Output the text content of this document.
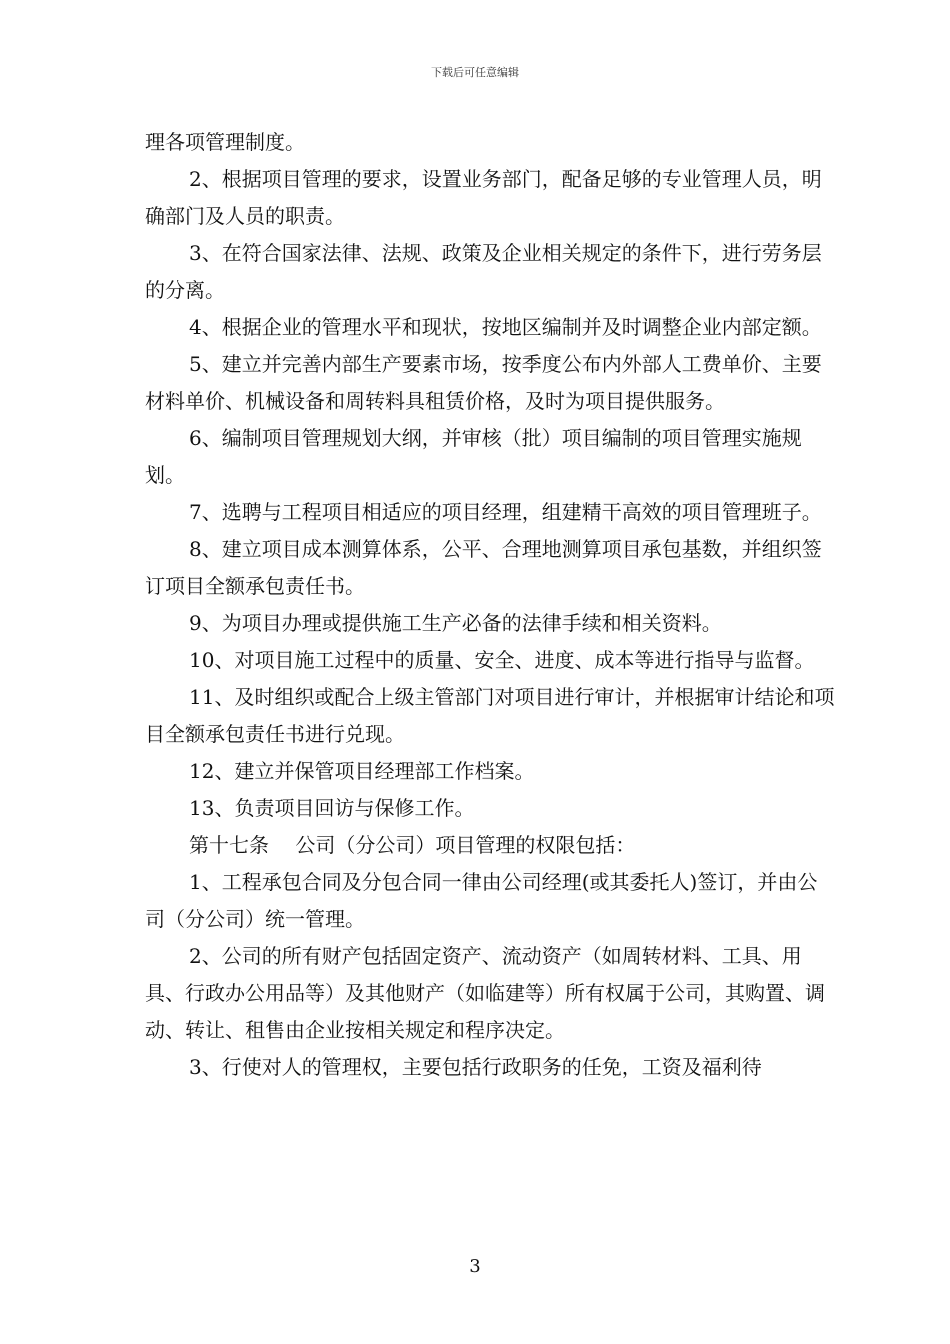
下载后可任意编辑

理各项管理制度。

2、根据项目管理的要求，设置业务部门，配备足够的专业管理人员，明确部门及人员的职责。

3、在符合国家法律、法规、政策及企业相关规定的条件下，进行劳务层的分离。

4、根据企业的管理水平和现状，按地区编制并及时调整企业内部定额。

5、建立并完善内部生产要素市场，按季度公布内外部人工费单价、主要材料单价、机械设备和周转料具租赁价格，及时为项目提供服务。

6、编制项目管理规划大纲，并审核（批）项目编制的项目管理实施规划。

7、选聘与工程项目相适应的项目经理，组建精干高效的项目管理班子。

8、建立项目成本测算体系，公平、合理地测算项目承包基数，并组织签订项目全额承包责任书。

9、为项目办理或提供施工生产必备的法律手续和相关资料。

10、对项目施工过程中的质量、安全、进度、成本等进行指导与监督。

11、及时组织或配合上级主管部门对项目进行审计，并根据审计结论和项目全额承包责任书进行兑现。

12、建立并保管项目经理部工作档案。

13、负责项目回访与保修工作。

第十七条　 公司（分公司）项目管理的权限包括：

1、工程承包合同及分包合同一律由公司经理(或其委托人)签订，并由公司（分公司）统一管理。

2、公司的所有财产包括固定资产、流动资产（如周转材料、工具、用具、行政办公用品等）及其他财产（如临建等）所有权属于公司，其购置、调动、转让、租售由企业按相关规定和程序决定。

3、行使对人的管理权，主要包括行政职务的任免，工资及福利待

3
